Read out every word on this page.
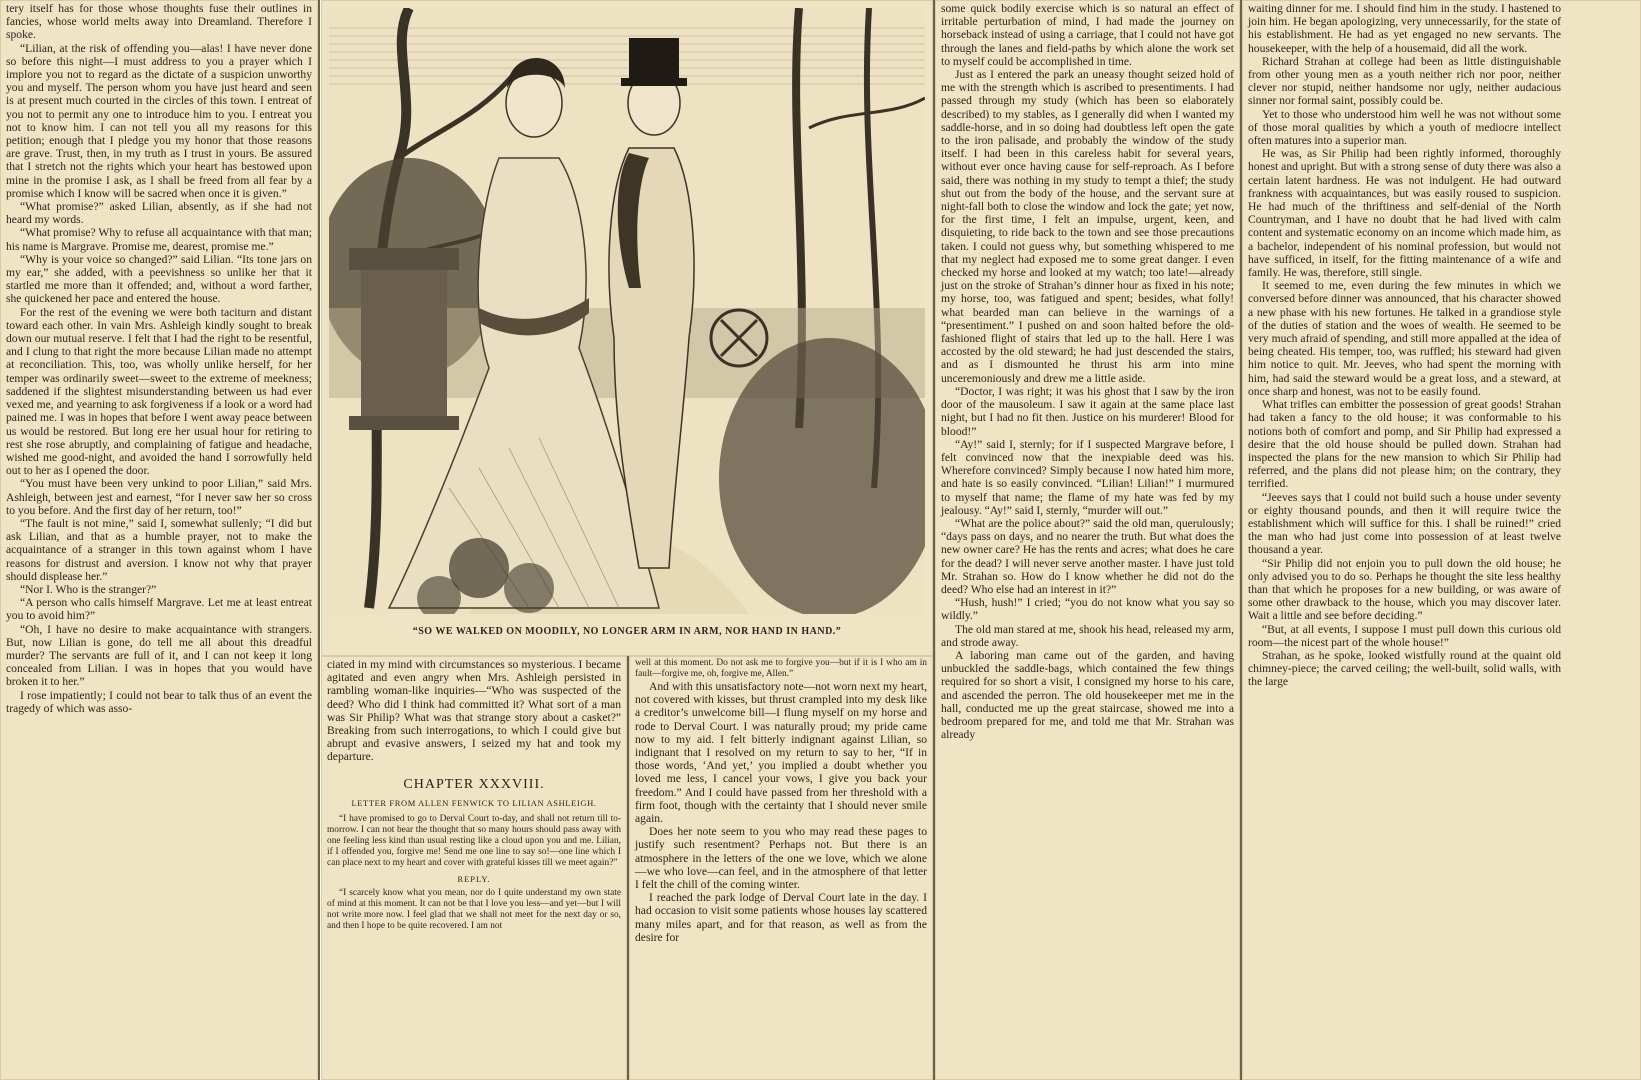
tery itself has for those whose thoughts fuse their outlines in fancies, whose world melts away into Dreamland. Therefore I spoke.

“Lilian, at the risk of offending you—alas! I have never done so before this night—I must address to you a prayer which I implore you not to regard as the dictate of a suspicion unworthy you and myself. The person whom you have just heard and seen is at present much courted in the circles of this town. I entreat of you not to permit any one to introduce him to you. I entreat you not to know him. I can not tell you all my reasons for this petition; enough that I pledge you my honor that those reasons are grave. Trust, then, in my truth as I trust in yours. Be assured that I stretch not the rights which your heart has bestowed upon mine in the promise I ask, as I shall be freed from all fear by a promise which I know will be sacred when once it is given.”

“What promise?” asked Lilian, absently, as if she had not heard my words.

“What promise? Why to refuse all acquaintance with that man; his name is Margrave. Promise me, dearest, promise me.”

“Why is your voice so changed?” said Lilian. “Its tone jars on my ear,” she added, with a peevishness so unlike her that it startled me more than it offended; and, without a word farther, she quickened her pace and entered the house.

For the rest of the evening we were both taciturn and distant toward each other. In vain Mrs. Ashleigh kindly sought to break down our mutual reserve. I felt that I had the right to be resentful, and I clung to that right the more because Lilian made no attempt at reconciliation. This, too, was wholly unlike herself, for her temper was ordinarily sweet—sweet to the extreme of meekness; saddened if the slightest misunderstanding between us had ever vexed me, and yearning to ask forgiveness if a look or a word had pained me. I was in hopes that before I went away peace between us would be restored. But long ere her usual hour for retiring to rest she rose abruptly, and complaining of fatigue and headache, wished me good-night, and avoided the hand I sorrowfully held out to her as I opened the door.

“You must have been very unkind to poor Lilian,” said Mrs. Ashleigh, between jest and earnest, “for I never saw her so cross to you before. And the first day of her return, too!”

“The fault is not mine,” said I, somewhat sullenly; “I did but ask Lilian, and that as a humble prayer, not to make the acquaintance of a stranger in this town against whom I have reasons for distrust and aversion. I know not why that prayer should displease her.”

“Nor I. Who is the stranger?”

“A person who calls himself Margrave. Let me at least entreat you to avoid him?”

“Oh, I have no desire to make acquaintance with strangers. But, now Lilian is gone, do tell me all about this dreadful murder? The servants are full of it, and I can not keep it long concealed from Lilian. I was in hopes that you would have broken it to her.”

I rose impatiently; I could not bear to talk thus of an event the tragedy of which was asso-

“SO WE WALKED ON MOODILY, NO LONGER ARM IN ARM, NOR HAND IN HAND.”

ciated in my mind with circumstances so mysterious. I became agitated and even angry when Mrs. Ashleigh persisted in rambling woman-like inquiries—“Who was suspected of the deed? Who did I think had committed it? What sort of a man was Sir Philip? What was that strange story about a casket?” Breaking from such interrogations, to which I could give but abrupt and evasive answers, I seized my hat and took my departure.

CHAPTER XXXVIII.
LETTER FROM ALLEN FENWICK TO LILIAN ASHLEIGH.

“I have promised to go to Derval Court to-day, and shall not return till to-morrow. I can not bear the thought that so many hours should pass away with one feeling less kind than usual resting like a cloud upon you and me. Lilian, if I offended you, forgive me! Send me one line to say so!—one line which I can place next to my heart and cover with grateful kisses till we meet again?”

REPLY.

“I scarcely know what you mean, nor do I quite understand my own state of mind at this moment. It can not be that I love you less—and yet—but I will not write more now. I feel glad that we shall not meet for the next day or so, and then I hope to be quite recovered. I am not

well at this moment. Do not ask me to forgive you—but if it is I who am in fault—forgive me, oh, forgive me, Allen.”

And with this unsatisfactory note—not worn next my heart, not covered with kisses, but thrust crampled into my desk like a creditor’s unwelcome bill—I flung myself on my horse and rode to Derval Court. I was naturally proud; my pride came now to my aid. I felt bitterly indignant against Lilian, so indignant that I resolved on my return to say to her, “If in those words, ‘And yet,’ you implied a doubt whether you loved me less, I cancel your vows, I give you back your freedom.” And I could have passed from her threshold with a firm foot, though with the certainty that I should never smile again.

Does her note seem to you who may read these pages to justify such resentment? Perhaps not. But there is an atmosphere in the letters of the one we love, which we alone—we who love—can feel, and in the atmosphere of that letter I felt the chill of the coming winter.

I reached the park lodge of Derval Court late in the day. I had occasion to visit some patients whose houses lay scattered many miles apart, and for that reason, as well as from the desire for

some quick bodily exercise which is so natural an effect of irritable perturbation of mind, I had made the journey on horseback instead of using a carriage, that I could not have got through the lanes and field-paths by which alone the work set to myself could be accomplished in time.

Just as I entered the park an uneasy thought seized hold of me with the strength which is ascribed to presentiments. I had passed through my study (which has been so elaborately described) to my stables, as I generally did when I wanted my saddle-horse, and in so doing had doubtless left open the gate to the iron palisade, and probably the window of the study itself. I had been in this careless habit for several years, without ever once having cause for self-reproach. As I before said, there was nothing in my study to tempt a thief; the study shut out from the body of the house, and the servant sure at night-fall both to close the window and lock the gate; yet now, for the first time, I felt an impulse, urgent, keen, and disquieting, to ride back to the town and see those precautions taken. I could not guess why, but something whispered to me that my neglect had exposed me to some great danger. I even checked my horse and looked at my watch; too late!—already just on the stroke of Strahan’s dinner hour as fixed in his note; my horse, too, was fatigued and spent; besides, what folly! what bearded man can believe in the warnings of a “presentiment.” I pushed on and soon halted before the old-fashioned flight of stairs that led up to the hall. Here I was accosted by the old steward; he had just descended the stairs, and as I dismounted he thrust his arm into mine unceremoniously and drew me a little aside.

“Doctor, I was right; it was his ghost that I saw by the iron door of the mausoleum. I saw it again at the same place last night, but I had no fit then. Justice on his murderer! Blood for blood!”

“Ay!” said I, sternly; for if I suspected Margrave before, I felt convinced now that the inexpiable deed was his. Wherefore convinced? Simply because I now hated him more, and hate is so easily convinced. “Lilian! Lilian!” I murmured to myself that name; the flame of my hate was fed by my jealousy. “Ay!” said I, sternly, “murder will out.”

“What are the police about?” said the old man, querulously; “days pass on days, and no nearer the truth. But what does the new owner care? He has the rents and acres; what does he care for the dead? I will never serve another master. I have just told Mr. Strahan so. How do I know whether he did not do the deed? Who else had an interest in it?”

“Hush, hush!” I cried; “you do not know what you say so wildly.”

The old man stared at me, shook his head, released my arm, and strode away.

A laboring man came out of the garden, and having unbuckled the saddle-bags, which contained the few things required for so short a visit, I consigned my horse to his care, and ascended the perron. The old housekeeper met me in the hall, conducted me up the great staircase, showed me into a bedroom prepared for me, and told me that Mr. Strahan was already

waiting dinner for me. I should find him in the study. I hastened to join him. He began apologizing, very unnecessarily, for the state of his establishment. He had as yet engaged no new servants. The housekeeper, with the help of a housemaid, did all the work.

Richard Strahan at college had been as little distinguishable from other young men as a youth neither rich nor poor, neither clever nor stupid, neither handsome nor ugly, neither audacious sinner nor formal saint, possibly could be.

Yet to those who understood him well he was not without some of those moral qualities by which a youth of mediocre intellect often matures into a superior man.

He was, as Sir Philip had been rightly informed, thoroughly honest and upright. But with a strong sense of duty there was also a certain latent hardness. He was not indulgent. He had outward frankness with acquaintances, but was easily roused to suspicion. He had much of the thriftiness and self-denial of the North Countryman, and I have no doubt that he had lived with calm content and systematic economy on an income which made him, as a bachelor, independent of his nominal profession, but would not have sufficed, in itself, for the fitting maintenance of a wife and family. He was, therefore, still single.

It seemed to me, even during the few minutes in which we conversed before dinner was announced, that his character showed a new phase with his new fortunes. He talked in a grandiose style of the duties of station and the woes of wealth. He seemed to be very much afraid of spending, and still more appalled at the idea of being cheated. His temper, too, was ruffled; his steward had given him notice to quit. Mr. Jeeves, who had spent the morning with him, had said the steward would be a great loss, and a steward, at once sharp and honest, was not to be easily found.

What trifles can embitter the possession of great goods! Strahan had taken a fancy to the old house; it was conformable to his notions both of comfort and pomp, and Sir Philip had expressed a desire that the old house should be pulled down. Strahan had inspected the plans for the new mansion to which Sir Philip had referred, and the plans did not please him; on the contrary, they terrified.

“Jeeves says that I could not build such a house under seventy or eighty thousand pounds, and then it will require twice the establishment which will suffice for this. I shall be ruined!” cried the man who had just come into possession of at least twelve thousand a year.

“Sir Philip did not enjoin you to pull down the old house; he only advised you to do so. Perhaps he thought the site less healthy than that which he proposes for a new building, or was aware of some other drawback to the house, which you may discover later. Wait a little and see before deciding.”

“But, at all events, I suppose I must pull down this curious old room—the nicest part of the whole house!”

Strahan, as he spoke, looked wistfully round at the quaint old chimney-piece; the carved ceiling; the well-built, solid walls, with the large
